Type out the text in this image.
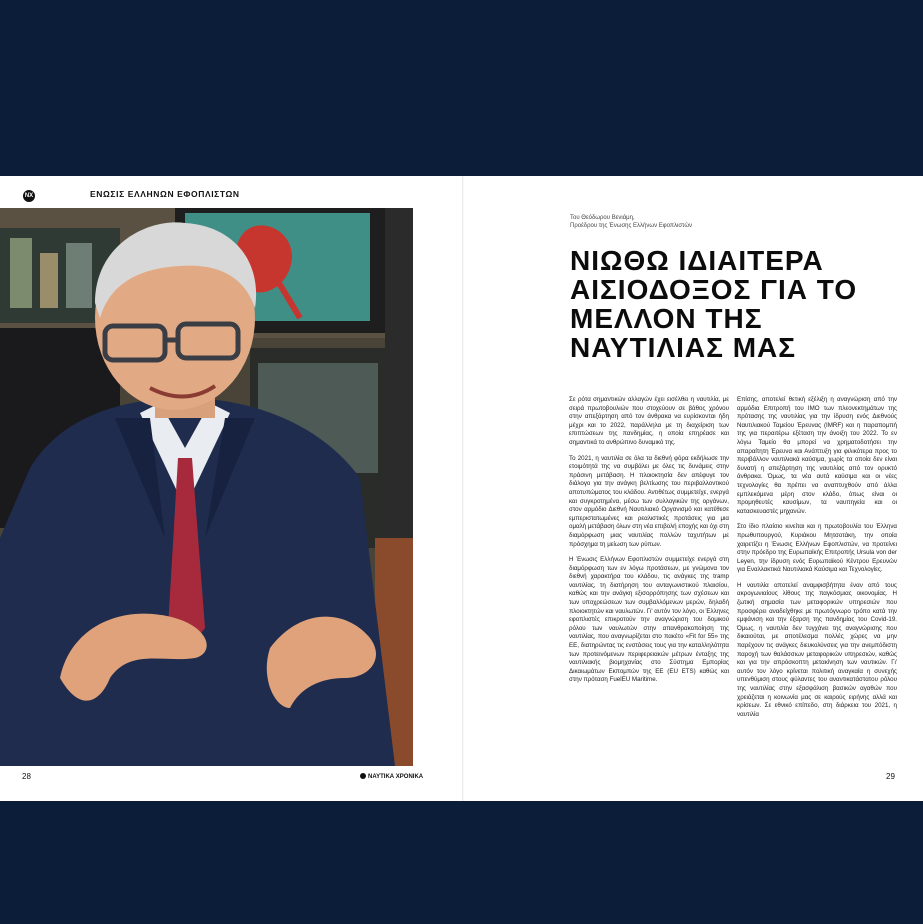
ΝΧ	ΕΝΩΣΙΣ ΕΛΛΗΝΩΝ ΕΦΟΠΛΙΣΤΩΝ
28	ΝΑΥΤΙΚΑ ΧΡΟΝΙΚΑ
Του Θεόδωρου Βενιάμη,
Προέδρου της Ένωσης Ελλήνων Εφοπλιστών
ΝΙΩΘΩ ΙΔΙΑΙΤΕΡΑ ΑΙΣΙΟΔΟΞΟΣ ΓΙΑ ΤΟ ΜΕΛΛΟΝ ΤΗΣ ΝΑΥΤΙΛΙΑΣ ΜΑΣ

Σε ρότα σημαντικών αλλαγών έχει εισέλθει η ναυτιλία, με σειρά πρωτοβουλιών που στοχεύουν σε βάθος χρόνου στην απεξάρτηση από τον άνθρακα να ευρίσκονται ήδη μέχρι και το 2022, παράλληλα με τη διαχείριση των επιπτώσεων της πανδημίας, η οποία επηρέασε και σημαντικά το ανθρώπινο δυναμικό της.

Το 2021, η ναυτιλία σε όλα τα διεθνή φόρα εκδήλωσε την ετοιμότητά της να συμβάλει με όλες τις δυνάμεις στην πράσινη μετάβαση. Η πλοιοκτησία δεν απέφυγε τον διάλογο για την ανάγκη βελτίωσης του περιβαλλοντικού αποτυπώματος του κλάδου. Αντιθέτως συμμετείχε, ενεργά και συγκροτημένα, μέσω των συλλογικών της οργάνων, στον αρμόδιο Διεθνή Ναυτιλιακό Οργανισμό και κατέθεσε εμπεριστατωμένες και ρεαλιστικές προτάσεις για μια ομαλή μετάβαση όλων στη νέα επιβολή εποχής και όχι στη διαμόρφωση μιας ναυτιλίας πολλών ταχυτήτων με πρόσχημα τη μείωση των ρύπων.

Η Ένωσις Ελλήνων Εφοπλιστών συμμετείχε ενεργά στη διαμόρφωση των εν λόγω προτάσεων, με γνώμονα τον διεθνή χαρακτήρα του κλάδου, τις ανάγκες της tramp ναυτιλίας, τη διατήρηση του ανταγωνιστικού πλαισίου, καθώς και την ανάγκη εξισορρόπησης των σχέσεων και των υποχρεώσεων των συμβαλλόμενων μερών, δηλαδή πλοιοκτητών και ναυλωτών. Γι' αυτόν τον λόγο, οι Έλληνες εφοπλιστές επικροτούν την αναγνώριση του δομικού ρόλου των ναυλωτών στην απανθρακοποίηση της ναυτιλίας, που αναγνωρίζεται στο πακέτο «Fit for 55» της ΕΕ, διατηρώντας τις ενστάσεις τους για την καταλληλότητα των προτεινόμενων περιφερειακών μέτρων ένταξης της ναυτιλιακής βιομηχανίας στο Σύστημα Εμπορίας Δικαιωμάτων Εκπομπών της ΕΕ (EU ETS) καθώς και στην πρόταση FuelEU Maritime.

Επίσης, αποτελεί θετική εξέλιξη η αναγνώριση από την αρμόδια Επιτροπή του ΙΜΟ των πλεονεκτημάτων της πρότασης της ναυτιλίας για την ίδρυση ενός Διεθνούς Ναυτιλιακού Ταμείου Έρευνας (IMRF) και η παραπομπή της για περαιτέρω εξέταση την άνοιξη του 2022. Το εν λόγω Ταμείο θα μπορεί να χρηματοδοτήσει την απαραίτητη Έρευνα και Ανάπτυξη για φιλικότερα προς το περιβάλλον ναυτιλιακά καύσιμα, χωρίς τα οποία δεν είναι δυνατή η απεξάρτηση της ναυτιλίας από τον ορυκτό άνθρακα. Όμως, τα νέα αυτά καύσιμα και οι νέες τεχνολογίες θα πρέπει να αναπτυχθούν από άλλα εμπλεκόμενα μέρη στον κλάδο, όπως είναι οι προμηθευτές καυσίμων, τα ναυπηγεία και οι κατασκευαστές μηχανών.

Στο ίδιο πλαίσιο κινείται και η πρωτοβουλία του Έλληνα πρωθυπουργού, Κυριάκου Μητσοτάκη, την οποία χαιρετίζει η Ένωσις Ελλήνων Εφοπλιστών, να προτείνει στην πρόεδρο της Ευρωπαϊκής Επιτροπής Ursula von der Leyen, την ίδρυση ενός Ευρωπαϊκού Κέντρου Ερευνών για Εναλλακτικά Ναυτιλιακά Καύσιμα και Τεχνολογίες.

Η ναυτιλία αποτελεί αναμφισβήτητα έναν από τους ακρογωνιαίους λίθους της παγκόσμιας οικονομίας. Η ζωτική σημασία των μεταφορικών υπηρεσιών που προσφέρει αναδείχθηκε με πρωτόγνωρο τρόπο κατά την εμφάνιση και την έξαρση της πανδημίας του Covid-19. Όμως, η ναυτιλία δεν τυγχάνει της αναγνώρισης που δικαιούται, με αποτέλεσμα πολλές χώρες να μην παρέχουν τις ανάγκες διευκολύνσεις για την ανεμπόδιστη παροχή των θαλάσσιων μεταφορικών υπηρεσιών, καθώς και για την απρόσκοπτη μετακίνηση των ναυτικών. Γι' αυτόν τον λόγο κρίνεται πολιτική αναγκαία η συνεχής υπενθύμιση στους φύλαντες του αναντικατάστατου ρόλου της ναυτιλίας στην εξασφάλιση βασικών αγαθών που χρειάζεται η κοινωνία μας σε καιρούς ειρήνης αλλά και κρίσεων. Σε εθνικό επίπεδο, στη διάρκεια του 2021, η ναυτιλία

29
